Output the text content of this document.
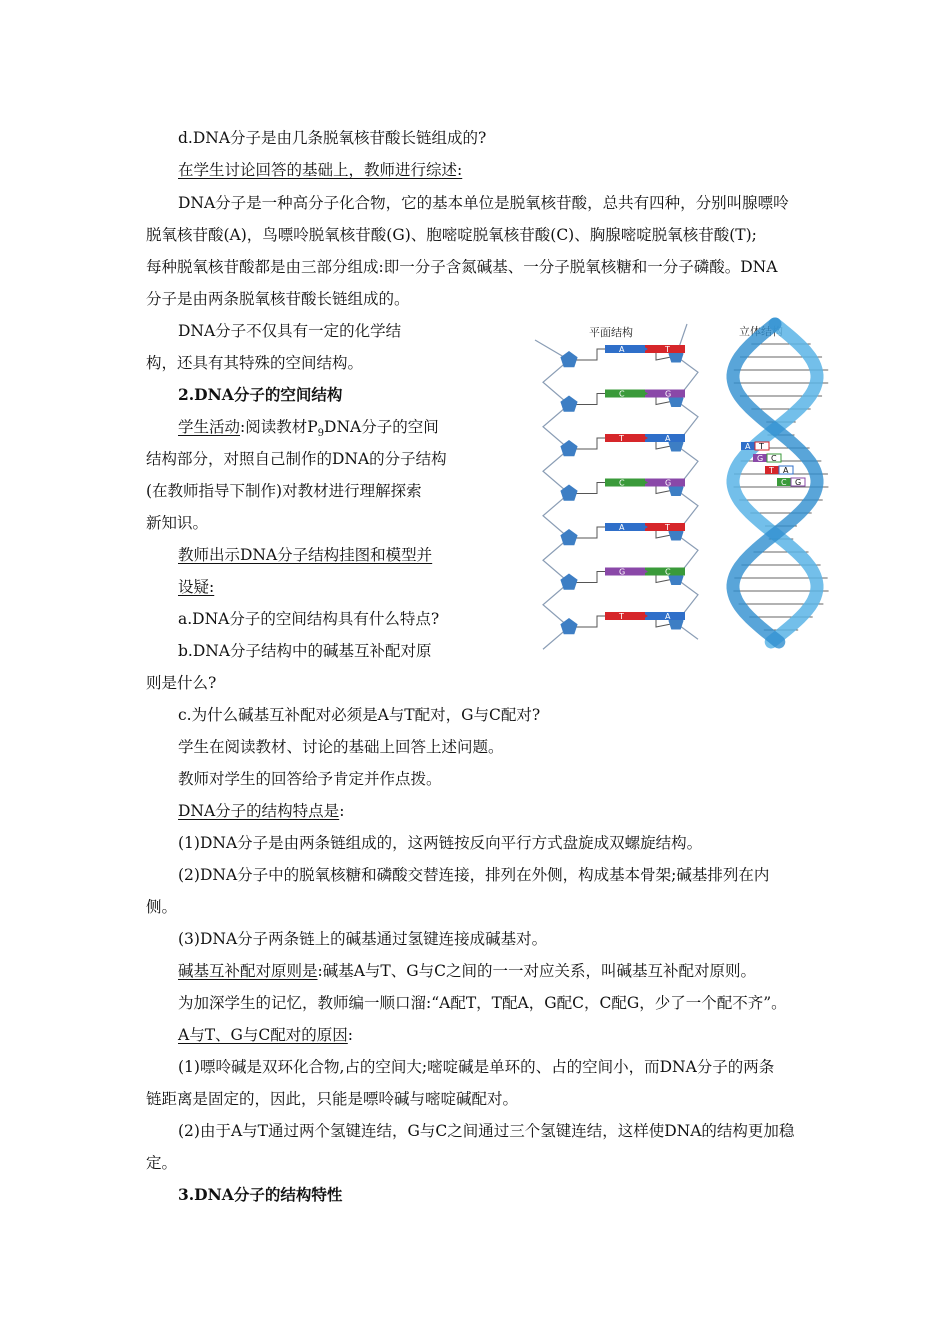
d.DNA分子是由几条脱氧核苷酸长链组成的?
在学生讨论回答的基础上，教师进行综述:
DNA分子是一种高分子化合物，它的基本单位是脱氧核苷酸，总共有四种，分别叫腺嘌呤
脱氧核苷酸(A)，鸟嘌呤脱氧核苷酸(G)、胞嘧啶脱氧核苷酸(C)、胸腺嘧啶脱氧核苷酸(T);
每种脱氧核苷酸都是由三部分组成:即一分子含氮碱基、一分子脱氧核糖和一分子磷酸。DNA
分子是由两条脱氧核苷酸长链组成的。
DNA分子不仅具有一定的化学结
构，还具有其特殊的空间结构。
2.DNA分子的空间结构
学生活动:阅读教材$P_9DNA$分子的空间
结构部分，对照自己制作的DNA的分子结构
(在教师指导下制作)对教材进行理解探索
新知识。
教师出示DNA分子结构挂图和模型并
设疑:
a.DNA分子的空间结构具有什么特点?
b.DNA分子结构中的碱基互补配对原
则是什么?
c.为什么碱基互补配对必须是A与T配对，G与C配对?
学生在阅读教材、讨论的基础上回答上述问题。
教师对学生的回答给予肯定并作点拨。
DNA分子的结构特点是:
(1)DNA分子是由两条链组成的，这两链按反向平行方式盘旋成双螺旋结构。
(2)DNA分子中的脱氧核糖和磷酸交替连接，排列在外侧，构成基本骨架;碱基排列在内
侧。
(3)DNA分子两条链上的碱基通过氢键连接成碱基对。
碱基互补配对原则是:碱基A与T、G与C之间的一一对应关系，叫碱基互补配对原则。
为加深学生的记忆，教师编一顺口溜:“A配T，T配A，G配C，C配G，少了一个配不齐”。
A与T、G与C配对的原因:
(1)嘌呤碱是双环化合物,占的空间大;嘧啶碱是单环的、占的空间小，而DNA分子的两条
链距离是固定的，因此，只能是嘌呤碱与嘧啶碱配对。
(2)由于A与T通过两个氢键连结，G与C之间通过三个氢键连结，这样使DNA的结构更加稳
定。
3.DNA分子的结构特性
平面结构	立体结构
A	T
C	G
T	A
C	G
A	T
G	C
T	A
A T
G C
T A
C G
